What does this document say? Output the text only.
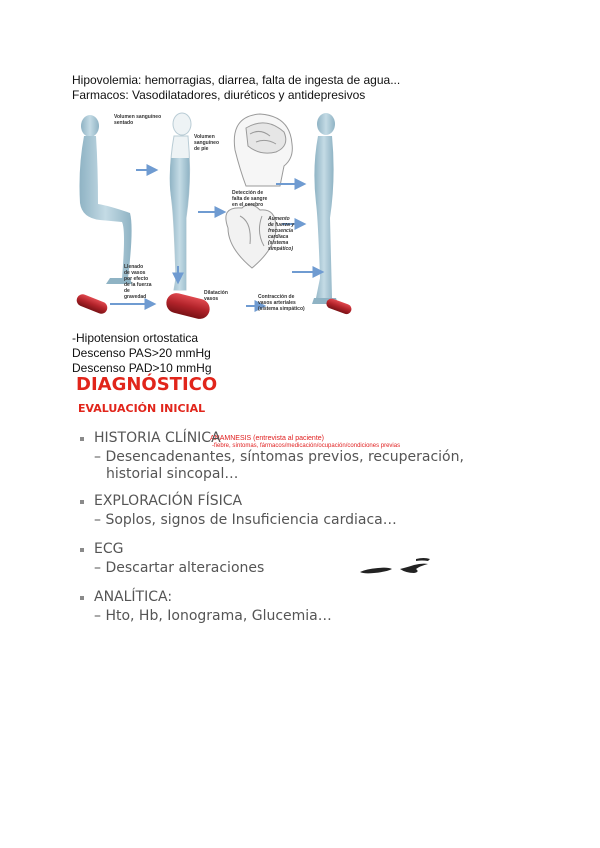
Hipovolemia: hemorragias, diarrea, falta de ingesta de agua...
Farmacos: Vasodilatadores, diuréticos y antidepresivos
Volumen sanguíneo sentado
Volumen sanguíneo de pie
Detección de falta de sangre en el cerebro
Aumento de fuerza y frecuencia cardíaca (sistema simpático)
Llenado de vasos por efecto de la fuerza de gravedad
Dilatación vasos	Contracción de vasos arteriales (sistema simpático)
-Hipotension ortostatica
Descenso PAS>20 mmHg
Descenso PAD>10 mmHg
DIAGNÓSTICO
EVALUACIÓN INICIAL
ANAMNESIS (entrevista al paciente)
-fiebre, síntomas, fármacos/medicación/ocupación/condiciones previas
HISTORIA CLÍNICA
– Desencadenantes, síntomas previos, recuperación,
historial sincopal…
EXPLORACIÓN FÍSICA
– Soplos, signos de Insuficiencia cardiaca…
ECG
– Descartar alteraciones
ANALÍTICA:
– Hto, Hb, Ionograma, Glucemia…
